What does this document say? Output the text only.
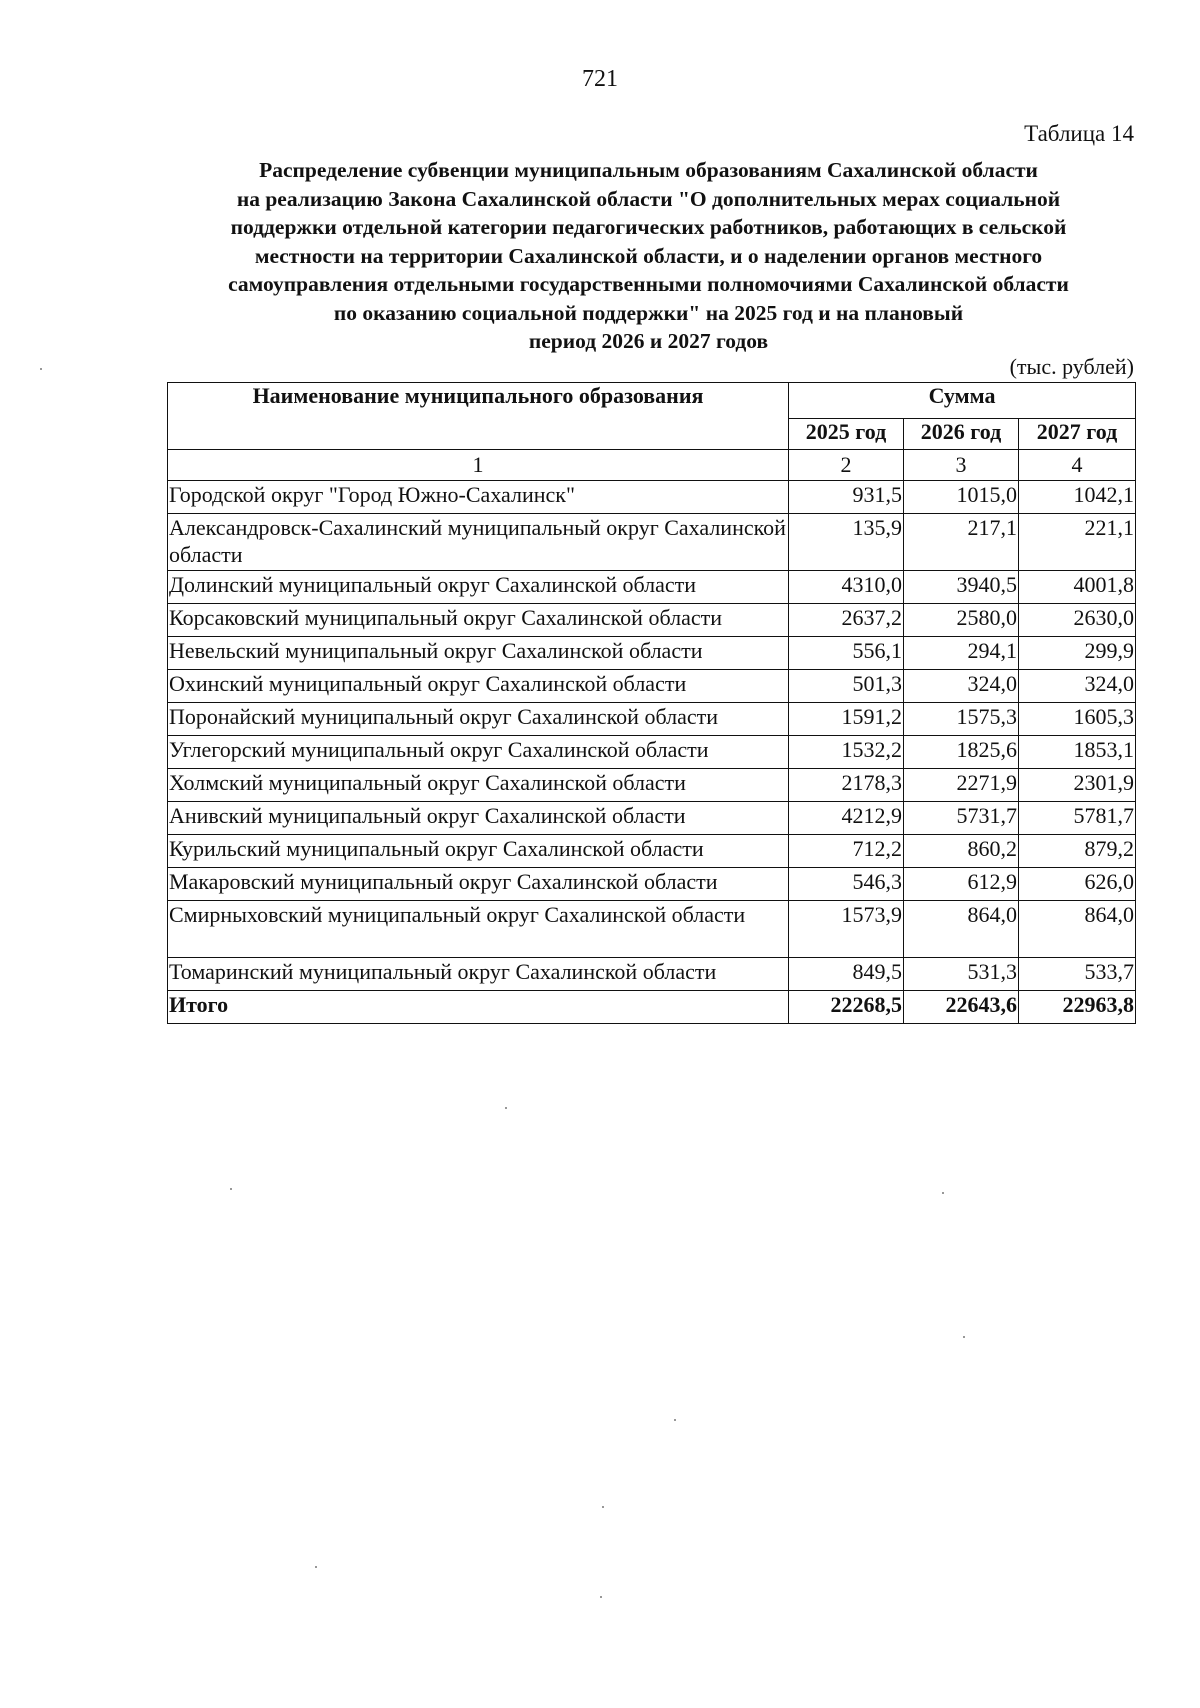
721
Таблица 14
Распределение субвенции муниципальным образованиям Сахалинской области
на реализацию Закона Сахалинской области "О дополнительных мерах социальной
поддержки отдельной категории педагогических работников, работающих в сельской
местности на территории Сахалинской области, и о наделении органов местного
самоуправления отдельными государственными полномочиями Сахалинской области
по оказанию социальной поддержки" на 2025 год и на плановый
период 2026 и 2027 годов
(тыс. рублей)
Наименование муниципального образования	Сумма		
	2025 год	2026 год	2027 год
1	2	3	4
Городской округ "Город Южно-Сахалинск"	931,5	1015,0	1042,1
Александровск-Сахалинский муниципальный округ Сахалинской области	135,9	217,1	221,1
Долинский муниципальный округ Сахалинской области	4310,0	3940,5	4001,8
Корсаковский муниципальный округ Сахалинской области	2637,2	2580,0	2630,0
Невельский муниципальный округ Сахалинской области	556,1	294,1	299,9
Охинский муниципальный округ Сахалинской области	501,3	324,0	324,0
Поронайский муниципальный округ Сахалинской области	1591,2	1575,3	1605,3
Углегорский муниципальный округ Сахалинской области	1532,2	1825,6	1853,1
Холмский муниципальный округ Сахалинской области	2178,3	2271,9	2301,9
Анивский муниципальный округ Сахалинской области	4212,9	5731,7	5781,7
Курильский муниципальный округ Сахалинской области	712,2	860,2	879,2
Макаровский муниципальный округ Сахалинской области	546,3	612,9	626,0
Смирныховский муниципальный округ Сахалинской области	1573,9	864,0	864,0
Томаринский муниципальный округ Сахалинской области	849,5	531,3	533,7
Итого	22268,5	22643,6	22963,8
